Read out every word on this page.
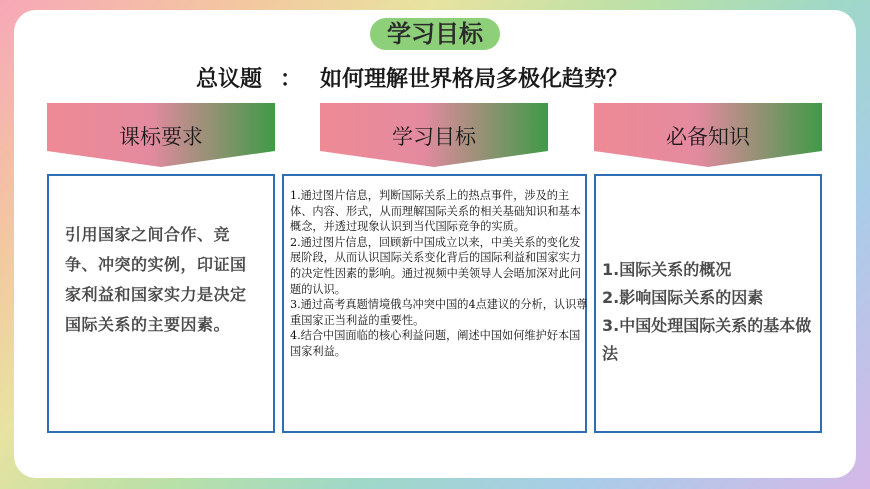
学习目标
总议题 ： 如何理解世界格局多极化趋势？
课标要求	学习目标	必备知识
引用国家之间合作、竞争、冲突的实例，印证国家利益和国家实力是决定国际关系的主要因素。

1.通过图片信息，判断国际关系上的热点事件，涉及的主体、内容、形式，从而理解国际关系的相关基础知识和基本概念，并透过现象认识到当代国际竞争的实质。

2.通过图片信息，回顾新中国成立以来，中美关系的变化发展阶段，从而认识国际关系变化背后的国际利益和国家实力的决定性因素的影响。通过视频中美领导人会晤加深对此问题的认识。

3.通过高考真题情境俄乌冲突中国的4点建议的分析，认识尊重国家正当利益的重要性。

4.结合中国面临的核心利益问题，阐述中国如何维护好本国国家利益。

1.国际关系的概况

2.影响国际关系的因素

3.中国处理国际关系的基本做法
